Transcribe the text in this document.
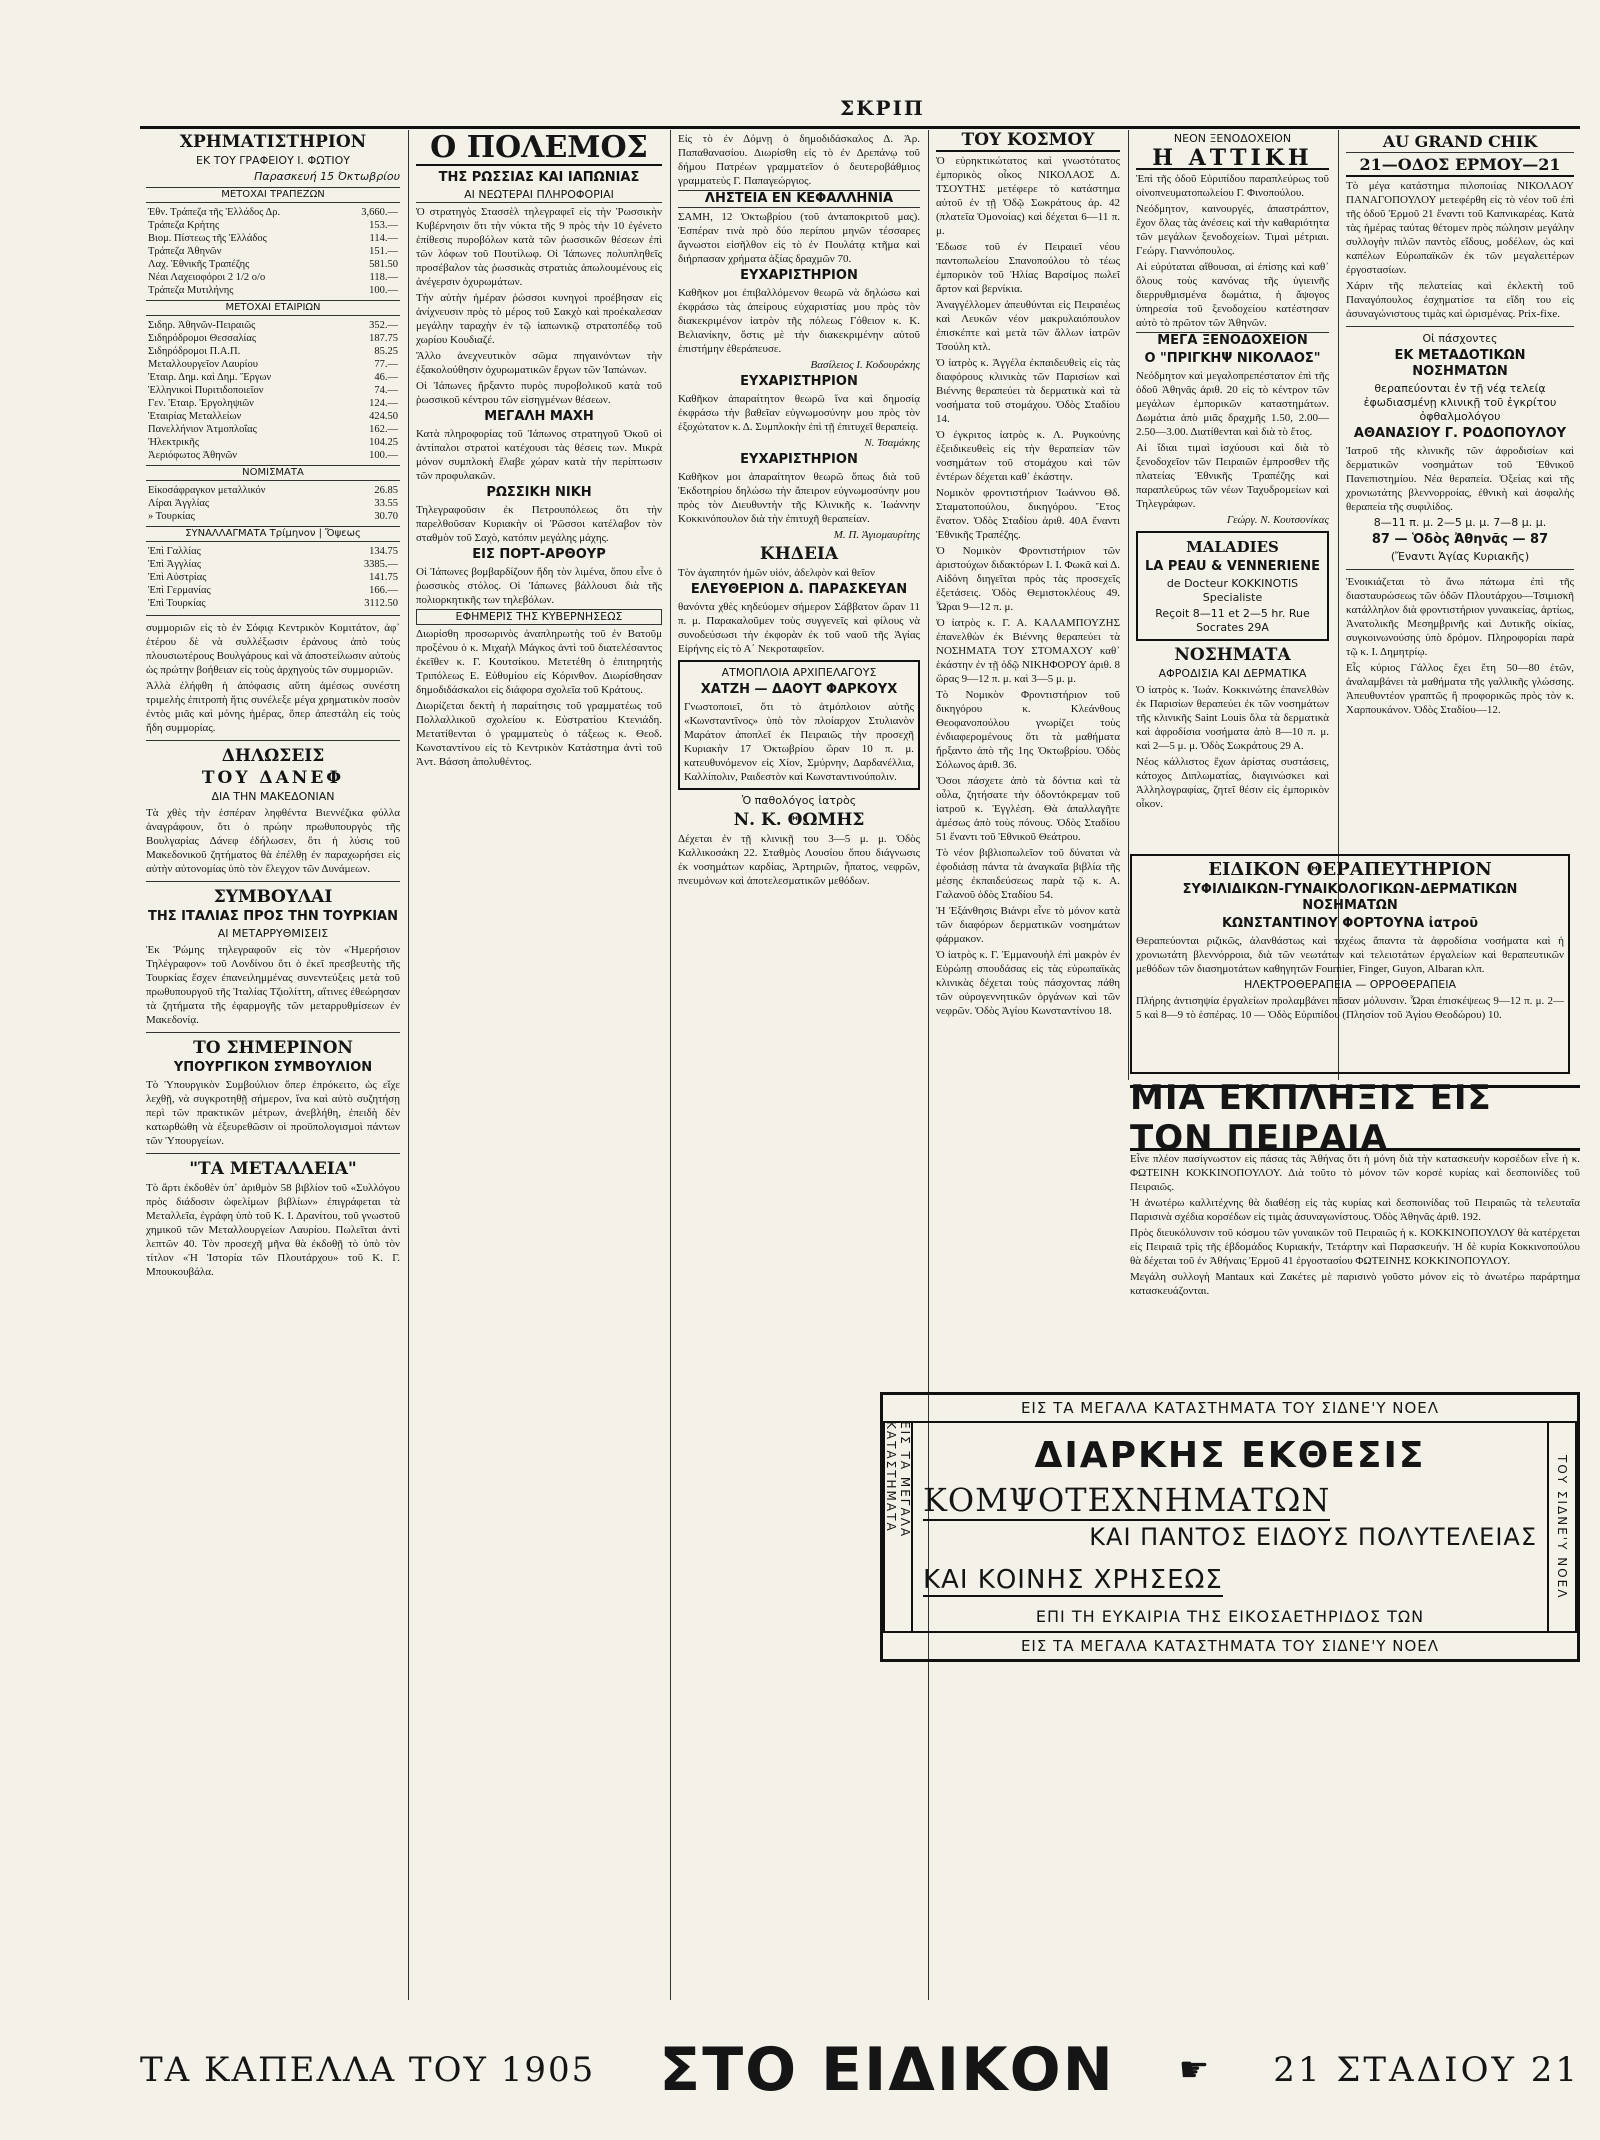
ΣΚΡΙΠ
ΧΡΗΜΑΤΙΣΤΗΡΙΟΝ
ΕΚ ΤΟΥ ΓΡΑΦΕΙΟΥ Ι. ΦΩΤΙΟΥ
Παρασκευή 15 Όκτωβρίου
ΜΕΤΟΧΑΙ ΤΡΑΠΕΖΩΝ
Έθν. Τράπεζα τῆς Ἑλλάδος Δρ.	3,660.—
Τράπεζα Κρήτης	153.—
Βιομ. Πίστεως τῆς Ἑλλάδος	114.—
Τράπεζα Ἀθηνῶν	151.—
Λαχ. Ἐθνικῆς Τραπέζης	581.50
Νέαι Λαχειοφόροι 2 1/2 ο/ο	118.—
Τράπεζα Μυτιλήνης	100.—
ΜΕΤΟΧΑΙ ΕΤΑΙΡΙΩΝ
Σιδηρ. Ἀθηνῶν-Πειραιῶς	352.—
Σιδηρόδρομοι Θεσσαλίας	187.75
Σιδηρόδρομοι Π.Α.Π.	85.25
Μεταλλουργεῖον Λαυρίου	77.—
Ἑταιρ. Δημ. καὶ Δημ. Ἔργων	46.—
Ἑλληνικοὶ Πυριτιδοποιεῖον	74.—
Γεν. Ἑταιρ. Ἐργοληψιῶν	124.—
Ἑταιρίας Μεταλλείων	424.50
Πανελλήνιον Ἀτμοπλοΐας	162.—
Ἠλεκτρικῆς	104.25
Ἀεριόφωτος Ἀθηνῶν	100.—
ΝΟΜΙΣΜΑΤΑ
Εἰκοσάφραγκον μεταλλικόν	26.85
Λίραι Ἀγγλίας	33.55
» Τουρκίας	30.70
ΣΥΝΑΛΛΑΓΜΑΤΑ Τρίμηνον | Ὄψεως
Ἐπὶ Γαλλίας	134.75
Ἐπὶ Ἀγγλίας	3385.—
Ἐπὶ Αὐστρίας	141.75
Ἐπὶ Γερμανίας	166.—
Ἐπὶ Τουρκίας	3112.50

συμμοριῶν εἰς τὸ ἐν Σόφιᾳ Κεντρικὸν Κομιτάτον, ἀφ᾽ ἑτέρου δὲ νὰ συλλέξωσιν ἐράνους ἀπὸ τοὺς πλουσιωτέρους Βουλγάρους καὶ νὰ ἀποστείλωσιν αὐτοὺς ὡς πρώτην βοήθειαν εἰς τοὺς ἀρχηγοὺς τῶν συμμοριῶν.

Ἀλλὰ ἐλήφθη ἡ ἀπόφασις αὕτη ἀμέσως συνέστη τριμελὴς ἐπιτροπὴ ἥτις συνέλεξε μέγα χρηματικὸν ποσὸν ἐντὸς μιᾶς καὶ μόνης ἡμέρας, ὅπερ ἀπεστάλη εἰς τοὺς ἤδη συμμορίας.

ΔΗΛΩΣΕΙΣ
ΤΟΥ ΔΑΝΕΦ
ΔΙΑ ΤΗΝ ΜΑΚΕΔΟΝΙΑΝ

Τὰ χθὲς τὴν ἑσπέραν ληφθέντα Βιεννέζικα φύλλα ἀναγράφουν, ὅτι ὁ πρώην πρωθυπουργὸς τῆς Βουλγαρίας Δάνεφ ἐδήλωσεν, ὅτι ἡ λύσις τοῦ Μακεδονικοῦ ζητήματος θὰ ἐπέλθῃ ἐν παραχωρήσει εἰς αὐτὴν αὐτονομίας ὑπὸ τὸν ἔλεγχον τῶν Δυνάμεων.

ΣΥΜΒΟΥΛΑΙ
ΤΗΣ ΙΤΑΛΙΑΣ ΠΡΟΣ ΤΗΝ ΤΟΥΡΚΙΑΝ
ΑΙ ΜΕΤΑΡΡΥΘΜΙΣΕΙΣ

Ἐκ Ῥώμης τηλεγραφοῦν εἰς τὸν «Ἡμερήσιον Τηλέγραφον» τοῦ Λονδίνου ὅτι ὁ ἐκεῖ πρεσβευτὴς τῆς Τουρκίας ἔσχεν ἐπανειλημμένας συνεντεύξεις μετὰ τοῦ πρωθυπουργοῦ τῆς Ἰταλίας Τζιολίττη, αἵτινες ἐθεώρησαν τὰ ζητήματα τῆς ἐφαρμογῆς τῶν μεταρρυθμίσεων ἐν Μακεδονίᾳ.

ΤΟ ΣΗΜΕΡΙΝΟΝ
ΥΠΟΥΡΓΙΚΟΝ ΣΥΜΒΟΥΛΙΟΝ

Τὸ Ὑπουργικὸν Συμβούλιον ὅπερ ἐπρόκειτο, ὡς εἴχε λεχθῇ, νὰ συγκροτηθῇ σήμερον, ἵνα καὶ αὐτὸ συζητήσῃ περὶ τῶν πρακτικῶν μέτρων, ἀνεβλήθη, ἐπειδὴ δὲν κατωρθώθη νὰ ἐξευρεθῶσιν οἱ προϋπολογισμοὶ πάντων τῶν Ὑπουργείων.

"ΤΑ ΜΕΤΑΛΛΕΙΑ"

Τὸ ἄρτι ἐκδοθὲν ὑπ᾽ ἀριθμὸν 58 βιβλίον τοῦ «Συλλόγου πρὸς διάδοσιν ὠφελίμων βιβλίων» ἐπιγράφεται τὰ Μεταλλεῖα, ἐγράφη ὑπὸ τοῦ Κ. Ι. Δρανίτου, τοῦ γνωστοῦ χημικοῦ τῶν Μεταλλουργείων Λαυρίου. Πωλεῖται ἀντὶ λεπτῶν 40. Τὸν προσεχῆ μῆνα θὰ ἐκδοθῇ τὸ ὑπὸ τὸν τίτλον «Ἡ Ἰστορία τῶν Πλουτάρχου» τοῦ Κ. Γ. Μπουκουβάλα.

Ο ΠΟΛΕΜΟΣ
ΤΗΣ ΡΩΣΣΙΑΣ ΚΑΙ ΙΑΠΩΝΙΑΣ
ΑΙ ΝΕΩΤΕΡΑΙ ΠΛΗΡΟΦΟΡΙΑΙ

Ὁ στρατηγὸς Στασσὲλ τηλεγραφεῖ εἰς τὴν Ῥωσσικὴν Κυβέρνησιν ὅτι τὴν νύκτα τῆς 9 πρὸς τὴν 10 ἐγένετο ἐπίθεσις πυροβόλων κατὰ τῶν ῥωσσικῶν θέσεων ἐπὶ τῶν λόφων τοῦ Πουτίλωφ. Οἱ Ἰάπωνες πολυπληθεῖς προσέβαλον τὰς ῥωσσικὰς στρατιὰς ἀπωλουμένους εἰς ἀνέγερσιν ὀχυρωμάτων.

Τὴν αὐτὴν ἡμέραν ῥώσσοι κυνηγοὶ προέβησαν εἰς ἀνίχνευσιν πρὸς τὸ μέρος τοῦ Σακχὸ καὶ προέκαλεσαν μεγάλην ταραχὴν ἐν τῷ ἰαπωνικῷ στρατοπέδῳ τοῦ χωρίου Κουδιαζέ.

Ἄλλο ἀνεχνευτικὸν σῶμα πηγαινόντων τὴν ἐξακολούθησιν ὀχυρωματικῶν ἔργων τῶν Ἰαπώνων.

Οἱ Ἰάπωνες ἤρξαντο πυρὸς πυροβολικοῦ κατὰ τοῦ ῥωσσικοῦ κέντρου τῶν εἰσηγμένων θέσεων.

ΜΕΓΑΛΗ ΜΑΧΗ

Κατὰ πληροφορίας τοῦ Ἰάπωνος στρατηγοῦ Ὀκοῦ οἱ ἀντίπαλοι στρατοὶ κατέχουσι τὰς θέσεις των. Μικρὰ μόνον συμπλοκὴ ἔλαβε χώραν κατὰ τὴν περίπτωσιν τῶν προφυλακῶν.

ΡΩΣΣΙΚΗ ΝΙΚΗ

Τηλεγραφοῦσιν ἐκ Πετρουπόλεως ὅτι τὴν παρελθοῦσαν Κυριακὴν οἱ Ῥῶσσοι κατέλαβον τὸν σταθμὸν τοῦ Σαχὸ, κατόπιν μεγάλης μάχης.

ΕΙΣ ΠΟΡΤ-ΑΡΘΟΥΡ

Οἱ Ἰάπωνες βομβαρδίζουν ἤδη τὸν λιμένα, ὅπου εἶνε ὁ ῥωσσικὸς στόλος. Οἱ Ἰάπωνες βάλλουσι διὰ τῆς πολιορκητικῆς των τηλεβόλων.

ΕΦΗΜΕΡΙΣ ΤΗΣ ΚΥΒΕΡΝΗΣΕΩΣ

Διωρίσθη προσωρινὸς ἀναπληρωτὴς τοῦ ἐν Βατοῦμ προξένου ὁ κ. Μιχαὴλ Μάγκος ἀντὶ τοῦ διατελέσαντος ἐκεῖθεν κ. Γ. Κουτσίκου. Μετετέθη ὁ ἐπιτηρητὴς Τριπόλεως Ε. Εὐθυμίου εἰς Κόρινθον. Διωρίσθησαν δημοδιδάσκαλοι εἰς διάφορα σχολεῖα τοῦ Κράτους.

Διωρίζεται δεκτὴ ἡ παραίτησις τοῦ γραμματέως τοῦ Πολλαλλικοῦ σχολείου κ. Εὐστρατίου Κτενιάδη. Μετατίθενται ὁ γραμματεὺς ὁ τάξεως κ. Θεοδ. Κωνσταντίνου εἰς τὸ Κεντρικὸν Κατάστημα ἀντὶ τοῦ Ἀντ. Βάσση ἀπολυθέντος.

Εἰς τὸ ἐν Δόμνῃ ὁ δημοδιδάσκαλος Δ. Ἀρ. Παπαθανασίου. Διωρίσθη εἰς τὸ ἐν Δρεπάνῳ τοῦ δήμου Πατρέων γραμματεῖον ὁ δευτεροβάθμιος γραμματεὺς Γ. Παπαγεώργιος.

ΛΗΣΤΕΙΑ ΕΝ ΚΕΦΑΛΛΗΝΙΑ

ΣΑΜΗ, 12 Ὀκτωβρίου (τοῦ ἀνταποκριτοῦ μας). Ἑσπέραν τινὰ πρὸ δύο περίπου μηνῶν τέσσαρες ἄγνωστοι εἰσῆλθον εἰς τὸ ἐν Πουλάτᾳ κτῆμα καὶ διήρπασαν χρήματα ἀξίας δραχμῶν 70.

ΕΥΧΑΡΙΣΤΗΡΙΟΝ

Καθῆκον μοι ἐπιβαλλόμενον θεωρῶ νὰ δηλώσω καὶ ἐκφράσω τὰς ἀπείρους εὐχαριστίας μου πρὸς τὸν διακεκριμένον ἰατρὸν τῆς πόλεως Γόθειον κ. Κ. Βελιανίκην, ὅστις μὲ τὴν διακεκριμένην αὐτοῦ ἐπιστήμην ἐθεράπευσε.

Βασίλειος Ι. Κοδουράκης

ΕΥΧΑΡΙΣΤΗΡΙΟΝ

Καθῆκον ἀπαραίτητον θεωρῶ ἵνα καὶ δημοσίᾳ ἐκφράσω τὴν βαθεῖαν εὐγνωμοσύνην μου πρὸς τὸν ἐξοχώτατον κ. Δ. Συμπλοκὴν ἐπὶ τῇ ἐπιτυχεῖ θεραπείᾳ.

Ν. Τσαμάκης

ΕΥΧΑΡΙΣΤΗΡΙΟΝ

Καθῆκον μοι ἀπαραίτητον θεωρῶ ὅπως διὰ τοῦ Ἐκδοτηρίου δηλώσω τὴν ἄπειρον εὐγνωμοσύνην μου πρὸς τὸν Διευθυντὴν τῆς Κλινικῆς κ. Ἰωάννην Κοκκινόπουλον διὰ τὴν ἐπιτυχῆ θεραπείαν.

Μ. Π. Ἀγιομαυρίτης

ΚΗΔΕΙΑ

Τὸν ἀγαπητόν ἡμῶν υἱόν, ἀδελφὸν καὶ θεῖον

ΕΛΕΥΘΕΡΙΟΝ Δ. ΠΑΡΑΣΚΕΥΑΝ

θανόντα χθὲς κηδεύομεν σήμερον Σάββατον ὥραν 11 π. μ. Παρακαλοῦμεν τοὺς συγγενεῖς καὶ φίλους νὰ συνοδεύσωσι τὴν ἐκφορὰν ἐκ τοῦ ναοῦ τῆς Ἁγίας Εἰρήνης εἰς τὸ Α΄ Νεκροταφεῖον.

ΑΤΜΟΠΛΟΙΑ ΑΡΧΙΠΕΛΑΓΟΥΣ
ΧΑΤΖΗ — ΔΑΟΥΤ ΦΑΡΚΟΥΧ

Γνωστοποιεῖ, ὅτι τὸ ἀτμόπλοιον αὐτῆς «Κωνσταντῖνος» ὑπὸ τὸν πλοίαρχον Στυλιανὸν Μαράτον ἀποπλεῖ ἐκ Πειραιῶς τὴν προσεχῆ Κυριακὴν 17 Ὀκτωβρίου ὥραν 10 π. μ. κατευθυνόμενον εἰς Χίον, Σμύρνην, Δαρδανέλλια, Καλλίπολιν, Ραιδεστὸν καὶ Κωνσταντινούπολιν.

Ὁ παθολόγος ἰατρὸς
Ν. Κ. ΘΩΜΗΣ

Δέχεται ἐν τῇ κλινικῇ του 3—5 μ. μ. Ὁδὸς Καλλικοσάκη 22. Σταθμὸς Λουσίου ὅπου διάγνωσις ἐκ νοσημάτων καρδίας, Ἀρτηριῶν, ἧπατος, νεφρῶν, πνευμόνων καὶ ἀποτελεσματικῶν μεθόδων.

ΤΟΥ ΚΟΣΜΟΥ

Ὁ εὐρηκτικώτατος καὶ γνωστότατος ἐμπορικὸς οἶκος ΝΙΚΟΛΑΟΣ Δ. ΤΣΟΥΤΗΣ μετέφερε τὸ κατάστημα αὐτοῦ ἐν τῇ Ὁδῷ Σωκράτους ἀρ. 42 (πλατεῖα Ὁμονοίας) καὶ δέχεται 6—11 π. μ.

Ἐδωσε τοῦ ἐν Πειραιεῖ νέου παντοπωλείου Σπανοπούλου τὸ τέως ἐμπορικὸν τοῦ Ἠλίας Βαρσίμος πωλεῖ ἄρτον καὶ βερνίκια.

Ἀναγγέλλομεν ἀπευθύνται εἰς Πειραιέως καὶ Λευκῶν νέον μακρυλαιόπουλον ἐπισκέπτε καὶ μετὰ τῶν ἄλλων ἰατρῶν Τσούλη κτλ.

Ὁ ἰατρὸς κ. Ἀγγέλα ἐκπαιδευθεὶς εἰς τὰς διαφόρους κλινικὰς τῶν Παρισίων καὶ Βιέννης θεραπεύει τὰ δερματικὰ καὶ τὰ νοσήματα τοῦ στομάχου. Ὁδὸς Σταδίου 14.

Ὁ ἐγκριτος ἰατρὸς κ. Λ. Ρυγκούνης ἐξειδικευθεὶς εἰς τὴν θεραπείαν τῶν νοσημάτων τοῦ στομάχου καὶ τῶν ἐντέρων δέχεται καθ᾽ ἑκάστην.

Νομικὸν φροντιστήριον Ἰωάννου Θδ. Σταματοπούλου, δικηγόρου. Ἔτος ἔνατον. Ὁδὸς Σταδίου ἀριθ. 40Α ἔναντι Ἐθνικῆς Τραπέζης.

Ὁ Νομικὸν Φροντιστήριον τῶν ἀριστούχων διδακτόρων Ι. Ι. Φωκᾶ καὶ Δ. Αἰδόνη διηγεῖται πρὸς τὰς προσεχεῖς ἐξετάσεις. Ὁδὸς Θεμιστοκλέους 49. Ὧραι 9—12 π. μ.

Ὁ ἰατρὸς κ. Γ. Α. ΚΑΛΑΜΠΟΥΖΗΣ ἐπανελθὼν ἐκ Βιέννης θεραπεύει τὰ ΝΟΣΗΜΑΤΑ ΤΟΥ ΣΤΟΜΑΧΟΥ καθ᾽ ἑκάστην ἐν τῇ ὁδῷ ΝΙΚΗΦΟΡΟΥ ἀριθ. 8 ὥρας 9—12 π. μ. καὶ 3—5 μ. μ.

Τὸ Νομικὸν Φροντιστήριον τοῦ δικηγόρου κ. Κλεάνθους Θεοφανοπούλου γνωρίζει τοὺς ἐνδιαφερομένους ὅτι τὰ μαθήματα ἤρξαντο ἀπὸ τῆς 1ης Ὀκτωβρίου. Ὁδὸς Σόλωνος ἀριθ. 36.

Ὅσοι πάσχετε ἀπὸ τὰ δόντια καὶ τὰ οὖλα, ζητήσατε τὴν ὀδοντόκρεμαν τοῦ ἰατροῦ κ. Ἐγγλέση. Θὰ ἀπαλλαγῆτε ἀμέσως ἀπὸ τοὺς πόνους. Ὁδὸς Σταδίου 51 ἔναντι τοῦ Ἐθνικοῦ Θεάτρου.

Τὸ νέον βιβλιοπωλεῖον τοῦ δύναται νὰ ἐφοδιάσῃ πάντα τὰ ἀναγκαῖα βιβλία τῆς μέσης ἐκπαιδεύσεως παρὰ τῷ κ. Α. Γαλανοῦ ὁδὸς Σταδίου 54.

Ἡ Ἐξάνθησις Βιάνρι εἶνε τὸ μόνον κατὰ τῶν διαφόρων δερματικῶν νοσημάτων φάρμακον.

Ὁ ἰατρὸς κ. Γ. Ἐμμανουὴλ ἐπὶ μακρὸν ἐν Εὐρώπῃ σπουδάσας εἰς τὰς εὐρωπαϊκὰς κλινικὰς δέχεται τοὺς πάσχοντας πάθη τῶν οὐρογεννητικῶν ὀργάνων καὶ τῶν νεφρῶν. Ὁδὸς Ἀγίου Κωνσταντίνου 18.

ΝΕΟΝ ΞΕΝΟΔΟΧΕΙΟΝ
Η ΑΤΤΙΚΗ

Ἐπὶ τῆς ὁδοῦ Εὐριπίδου παραπλεύρως τοῦ οἰνοπνευματοπωλείου Γ. Φινοπούλου.

Νεόδμητον, καινουργές, ἀπαστράπτον, ἔχον ὅλας τὰς ἀνέσεις καὶ τὴν καθαριότητα τῶν μεγάλων ξενοδοχείων. Τιμαὶ μέτριαι. Γεώργ. Γιαννόπουλος.

Αἱ εὐρύταται αἴθουσαι, αἱ ἐπίσης καὶ καθ᾽ ὅλους τοὺς κανόνας τῆς ὑγιεινῆς διερρυθμισμένα δωμάτια, ἡ ἄψογος ὑπηρεσία τοῦ ξενοδοχείου κατέστησαν αὐτὸ τὸ πρῶτον τῶν Ἀθηνῶν.

ΜΕΓΑ ΞΕΝΟΔΟΧΕΙΟΝ
Ο "ΠΡΙΓΚΗΨ ΝΙΚΟΛΑΟΣ"

Νεόδμητον καὶ μεγαλοπρεπέστατον ἐπὶ τῆς ὁδοῦ Ἀθηνᾶς ἀριθ. 20 εἰς τὸ κέντρον τῶν μεγάλων ἐμπορικῶν καταστημάτων. Δωμάτια ἀπὸ μιᾶς δραχμῆς 1.50, 2.00—2.50—3.00. Διατίθενται καὶ διὰ τὸ ἔτος.

Αἱ ἴδιαι τιμαὶ ἰσχύουσι καὶ διὰ τὸ ξενοδοχεῖον τῶν Πειραιῶν ἐμπροσθεν τῆς πλατείας Ἐθνικῆς Τραπέζης καὶ παραπλεύρως τῶν νέων Ταχυδρομείων καὶ Τηλεγράφων.

Γεώργ. Ν. Κουτσονίκας

MALADIES
LA PEAU & VENNERIENE
de Docteur KOKKINOTIS Specialiste
Reçoit 8—11 et 2—5 hr. Rue Socrates 29A
ΝΟΣΗΜΑΤΑ
ΑΦΡΟΔΙΣΙΑ ΚΑΙ ΔΕΡΜΑΤΙΚΑ

Ὁ ἰατρὸς κ. Ἰωάν. Κοκκινώτης ἐπανελθὼν ἐκ Παρισίων θεραπεύει ἐκ τῶν νοσημάτων τῆς κλινικῆς Saint Louis ὅλα τὰ δερματικὰ καὶ ἀφροδίσια νοσήματα ἀπὸ 8—10 π. μ. καὶ 2—5 μ. μ. Ὁδὸς Σωκράτους 29 Α.

Νέος κάλλιστος ἔχων ἀρίστας συστάσεις, κάτοχος Διπλωματίας, διαγινώσκει καὶ Ἀλληλογραφίας, ζητεῖ θέσιν εἰς ἐμπορικὸν οἶκον.

AU GRAND CHIK
21—ΟΔΟΣ ΕΡΜΟΥ—21

Τὸ μέγα κατάστημα πιλοποιίας ΝΙΚΟΛΑΟΥ ΠΑΝΑΓΟΠΟΥΛΟΥ μετεφέρθη εἰς τὸ νέον τοῦ ἐπὶ τῆς ὁδοῦ Ἑρμοῦ 21 ἔναντι τοῦ Καπνικαρέας. Κατὰ τὰς ἡμέρας ταύτας θέτομεν πρὸς πώλησιν μεγάλην συλλογὴν πιλῶν παντὸς εἴδους, μοδέλων, ὡς καὶ καπέλων Εὐρωπαϊκῶν ἐκ τῶν μεγαλειτέρων ἐργοστασίων.

Χάριν τῆς πελατείας καὶ ἐκλεκτὴ τοῦ Παναγόπουλος ἐσχηματίσε τα εἴδη του εἰς ἀσυναγώνιστους τιμὰς καὶ ὡρισμένας. Prix-fixe.

Οἱ πάσχοντες
ΕΚ ΜΕΤΑΔΟΤΙΚΩΝ ΝΟΣΗΜΑΤΩΝ
θεραπεύονται ἐν τῇ νέᾳ τελείᾳ ἐφωδιασμένῃ κλινικῇ τοῦ ἐγκρίτου ὀφθαλμολόγου
ΑΘΑΝΑΣΙΟΥ Γ. ΡΟΔΟΠΟΥΛΟΥ

Ἰατροῦ τῆς κλινικῆς τῶν ἀφροδισίων καὶ δερματικῶν νοσημάτων τοῦ Ἐθνικοῦ Πανεπιστημίου. Νέα θεραπεία. Ὀξείας καὶ τῆς χρονιωτάτης βλεννορροίας, ἐθνικὴ καὶ ἀσφαλὴς θεραπεία τῆς συφιλίδος.

8—11 π. μ. 2—5 μ. μ. 7—8 μ. μ.
87 — Ὁδὸς Ἀθηνᾶς — 87
(Ἔναντι Ἁγίας Κυριακῆς)

Ἐνοικιάζεται τὸ ἄνω πάτωμα ἐπὶ τῆς διασταυρώσεως τῶν ὁδῶν Πλουτάρχου—Τσιμισκῆ κατάλληλον διὰ φροντιστήριον γυναικείας, ἀρτίως, Ἀνατολικῆς Μεσημβρινῆς καὶ Δυτικῆς οἰκίας, συγκοινωνούσης ὑπὸ δρόμον. Πληροφορίαι παρὰ τῷ κ. Ι. Δημητρίῳ.

Εἷς κύριος Γάλλος ἔχει ἔτη 50—80 ἐτῶν, ἀναλαμβάνει τὰ μαθήματα τῆς γαλλικῆς γλώσσης. Ἀπευθυντέον γραπτῶς ἢ προφορικῶς πρὸς τὸν κ. Χαρπουκάνον. Ὁδὸς Σταδίου—12.

ΕΙΔΙΚΟΝ ΘΕΡΑΠΕΥΤΗΡΙΟΝ
ΣΥΦΙΛΙΔΙΚΩΝ-ΓΥΝΑΙΚΟΛΟΓΙΚΩΝ-ΔΕΡΜΑΤΙΚΩΝ ΝΟΣΗΜΑΤΩΝ
ΚΩΝΣΤΑΝΤΙΝΟΥ ΦΟΡΤΟΥΝΑ ἰατροῦ

Θεραπεύονται ριζικῶς, ἀλανθάστως καὶ ταχέως ἅπαντα τὰ ἀφροδίσια νοσήματα καὶ ἡ χρονιωτάτη βλεννόρροια, διὰ τῶν νεωτάτων καὶ τελειοτάτων ἐργαλείων καὶ θεραπευτικῶν μεθόδων τῶν διασημοτάτων καθηγητῶν Fournier, Finger, Guyon, Albaran κλπ.

ΗΛΕΚΤΡΟΘΕΡΑΠΕΙΑ — ΟΡΡΟΘΕΡΑΠΕΙΑ

Πλήρης ἀντισηψία ἐργαλείων προλαμβάνει πᾶσαν μόλυνσιν. Ὧραι ἐπισκέψεως 9—12 π. μ. 2—5 καὶ 8—9 τὸ ἑσπέρας. 10 — Ὁδὸς Εὐριπίδου (Πλησίον τοῦ Ἁγίου Θεοδώρου) 10.

ΜΙΑ ΕΚΠΛΗΞΙΣ ΕΙΣ ΤΟΝ ΠΕΙΡΑΙΑ

Εἶνε πλέον πασίγνωστον εἰς πάσας τὰς Ἀθήνας ὅτι ἡ μόνη διὰ τὴν κατασκευὴν κορσέδων εἶνε ἡ κ. ΦΩΤΕΙΝΗ ΚΟΚΚΙΝΟΠΟΥΛΟΥ. Διὰ τοῦτο τὸ μόνον τῶν κορσὲ κυρίας καὶ δεσποινίδες τοῦ Πειραιῶς.

Ἡ ἀνωτέρω καλλιτέχνης θὰ διαθέσῃ εἰς τὰς κυρίας καὶ δεσποινίδας τοῦ Πειραιῶς τὰ τελευταῖα Παρισινὰ σχέδια κορσέδων εἰς τιμὰς ἀσυναγωνίστους. Ὁδὸς Ἀθηνᾶς ἀριθ. 192.

Πρὸς διευκόλυνσιν τοῦ κόσμου τῶν γυναικῶν τοῦ Πειραιῶς ἡ κ. ΚΟΚΚΙΝΟΠΟΥΛΟΥ θὰ κατέρχεται εἰς Πειραιᾶ τρὶς τῆς ἑβδομάδος Κυριακήν, Τετάρτην καὶ Παρασκευήν. Ἡ δὲ κυρία Κοκκινοπούλου θὰ δέχεται τοῦ ἐν Ἀθήναις Ἑρμοῦ 41 ἐργοστασίου ΦΩΤΕΙΝΗΣ ΚΟΚΚΙΝΟΠΟΥΛΟΥ.

Μεγάλη συλλογὴ Mantaux καὶ Ζακέτες μὲ παρισινὸ γοῦστο μόνον εἰς τὸ ἀνωτέρω παράρτημα κατασκευάζονται.

ΕΙΣ ΤΑ ΜΕΓΑΛΑ ΚΑΤΑΣΤΗΜΑΤΑ ΤΟΥ ΣΙΔΝΕ'Υ ΝΟΕΛ
ΕΙΣ ΤΑ ΜΕΓΑΛΑ ΚΑΤΑΣΤΗΜΑΤΑ	ΤΟΥ ΣΙΔΝΕ'Υ ΝΟΕΛ
ΔΙΑΡΚΗΣ ΕΚΘΕΣΙΣ
ΚΟΜΨΟΤΕΧΝΗΜΑΤΩΝ
ΚΑΙ ΠΑΝΤΟΣ ΕΙΔΟΥΣ ΠΟΛΥΤΕΛΕΙΑΣ
ΚΑΙ ΚΟΙΝΗΣ ΧΡΗΣΕΩΣ
ΕΠΙ ΤΗ ΕΥΚΑΙΡΙΑ ΤΗΣ ΕΙΚΟΣΑΕΤΗΡΙΔΟΣ ΤΩΝ
ΕΙΣ ΤΑ ΜΕΓΑΛΑ ΚΑΤΑΣΤΗΜΑΤΑ ΤΟΥ ΣΙΔΝΕ'Υ ΝΟΕΛ
ΤΑ ΚΑΠΕΛΛΑ ΤΟΥ 1905 ΣΤΟ ΕΙΔΙΚΟΝ ☛ 21 ΣΤΑΔΙΟΥ 21
